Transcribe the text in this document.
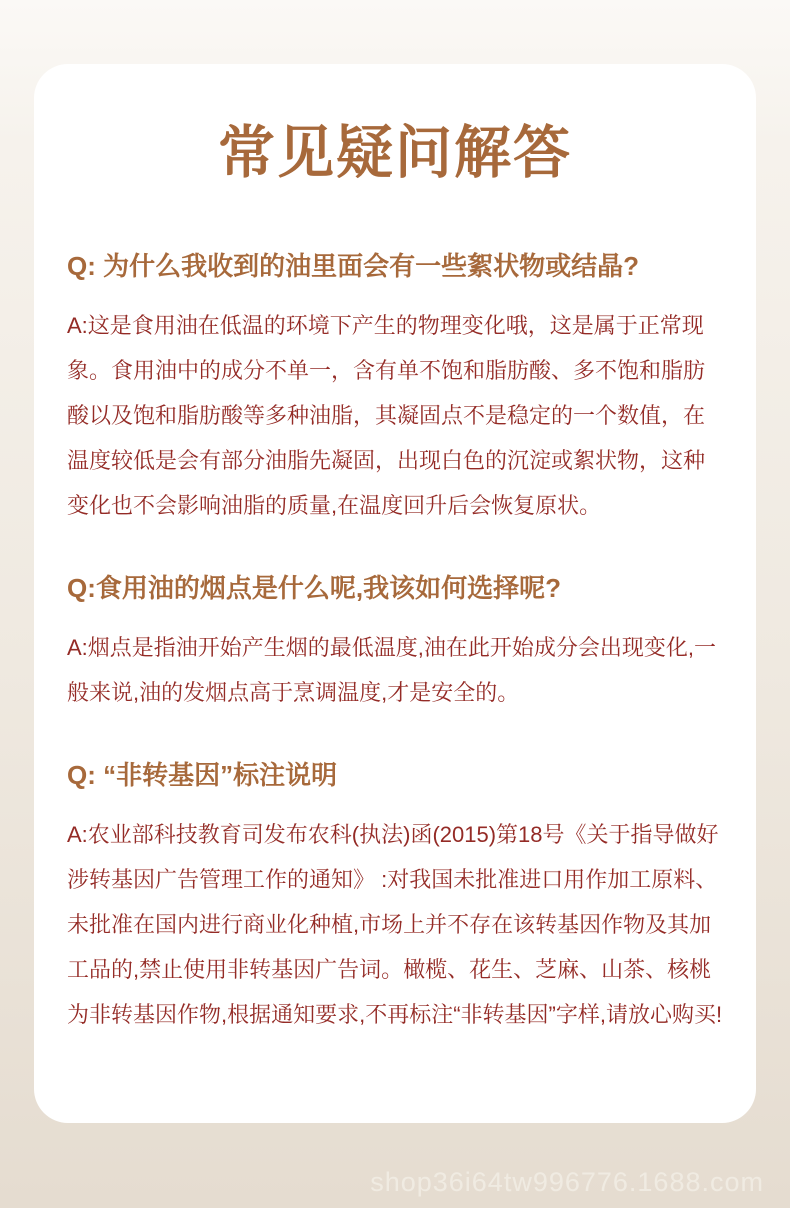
常见疑问解答
Q: 为什么我收到的油里面会有一些絮状物或结晶?

A:这是食用油在低温的环境下产生的物理变化哦，这是属于正常现象。食用油中的成分不单一，含有单不饱和脂肪酸、多不饱和脂肪酸以及饱和脂肪酸等多种油脂，其凝固点不是稳定的一个数值，在温度较低是会有部分油脂先凝固，出现白色的沉淀或絮状物，这种变化也不会影响油脂的质量,在温度回升后会恢复原状。

Q:食用油的烟点是什么呢,我该如何选择呢?

A:烟点是指油开始产生烟的最低温度,油在此开始成分会出现变化,一般来说,油的发烟点高于烹调温度,才是安全的。

Q: “非转基因”标注说明

A:农业部科技教育司发布农科(执法)函(2015)第18号《关于指导做好涉转基因广告管理工作的通知》 :对我国未批准进口用作加工原料、未批准在国内进行商业化种植,市场上并不存在该转基因作物及其加工品的,禁止使用非转基因广告词。橄榄、花生、芝麻、山茶、核桃为非转基因作物,根据通知要求,不再标注“非转基因”字样,请放心购买!

shop36i64tw996776.1688.com
